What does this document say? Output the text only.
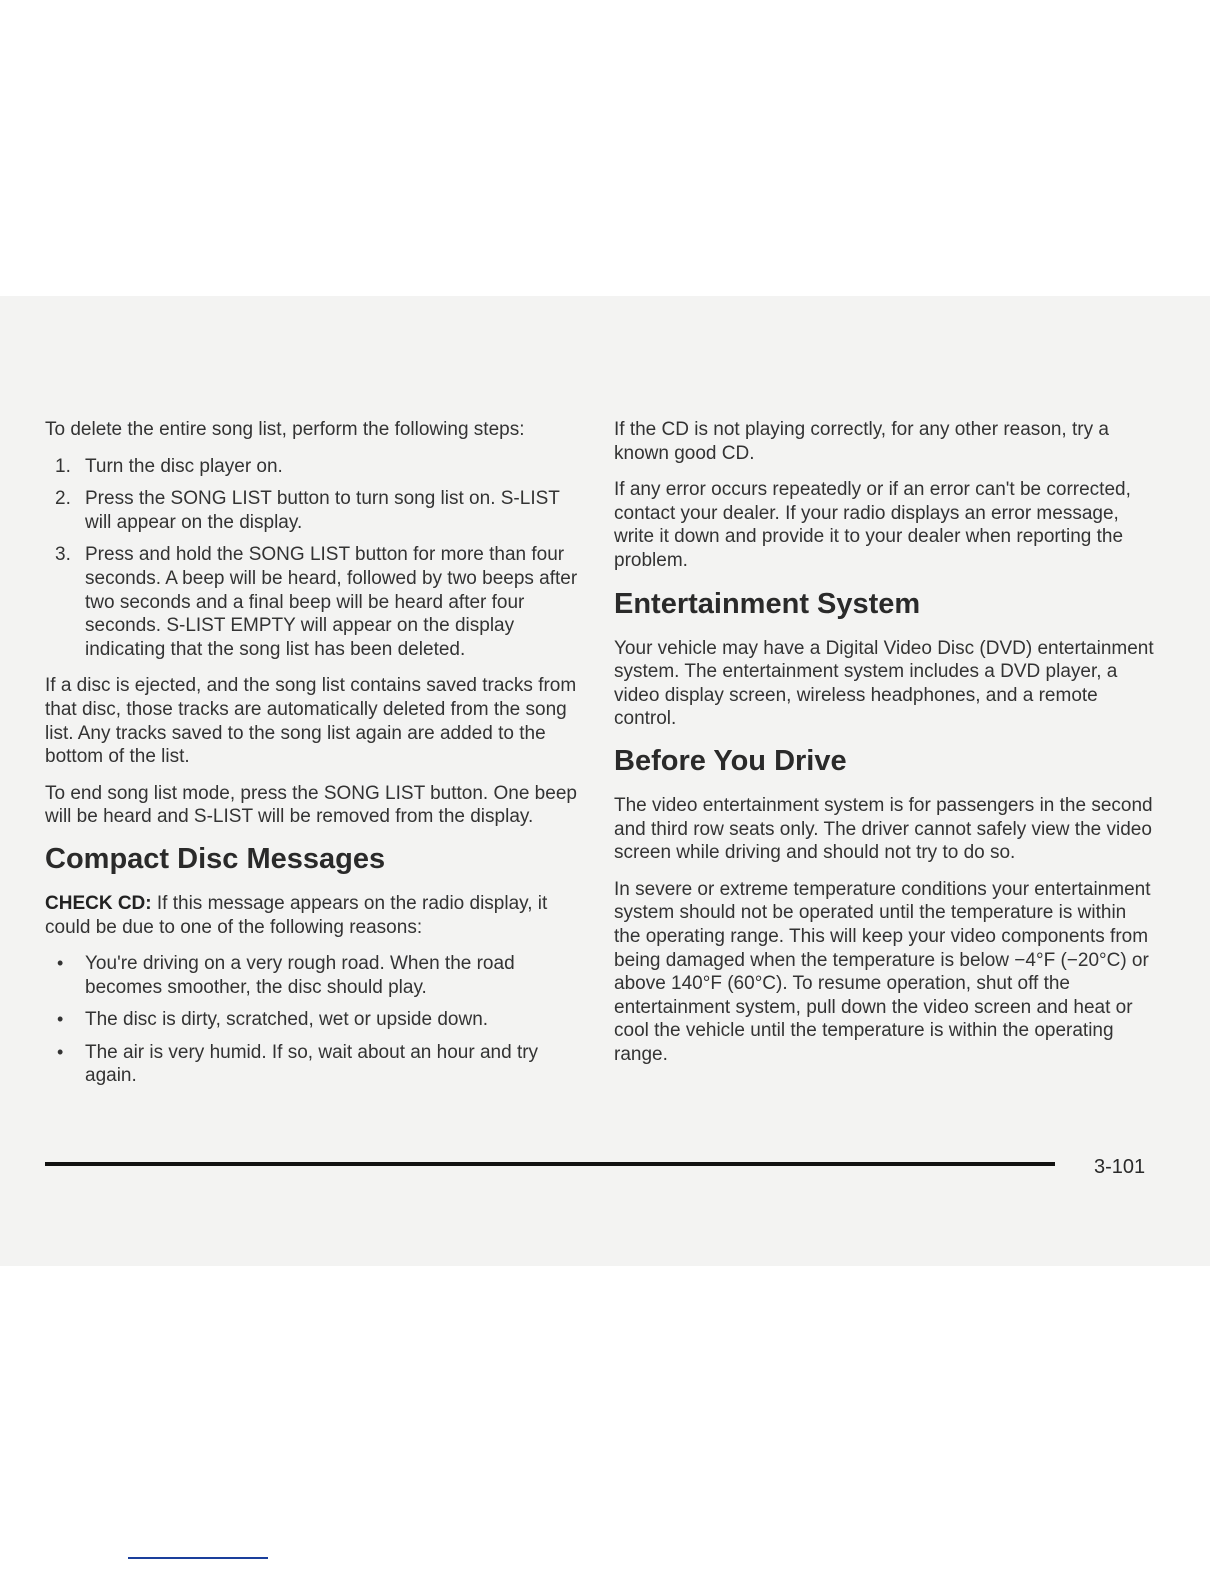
To delete the entire song list, perform the following steps:

1. Turn the disc player on.
2. Press the SONG LIST button to turn song list on. S-LIST will appear on the display.
3. Press and hold the SONG LIST button for more than four seconds. A beep will be heard, followed by two beeps after two seconds and a final beep will be heard after four seconds. S-LIST EMPTY will appear on the display indicating that the song list has been deleted.

If a disc is ejected, and the song list contains saved tracks from that disc, those tracks are automatically deleted from the song list. Any tracks saved to the song list again are added to the bottom of the list.

To end song list mode, press the SONG LIST button. One beep will be heard and S-LIST will be removed from the display.

Compact Disc Messages

CHECK CD: If this message appears on the radio display, it could be due to one of the following reasons:

• You're driving on a very rough road. When the road becomes smoother, the disc should play.
• The disc is dirty, scratched, wet or upside down.
• The air is very humid. If so, wait about an hour and try again.

If the CD is not playing correctly, for any other reason, try a known good CD.

If any error occurs repeatedly or if an error can't be corrected, contact your dealer. If your radio displays an error message, write it down and provide it to your dealer when reporting the problem.

Entertainment System

Your vehicle may have a Digital Video Disc (DVD) entertainment system. The entertainment system includes a DVD player, a video display screen, wireless headphones, and a remote control.

Before You Drive

The video entertainment system is for passengers in the second and third row seats only. The driver cannot safely view the video screen while driving and should not try to do so.

In severe or extreme temperature conditions your entertainment system should not be operated until the temperature is within the operating range. This will keep your video components from being damaged when the temperature is below −4°F (−20°C) or above 140°F (60°C). To resume operation, shut off the entertainment system, pull down the video screen and heat or cool the vehicle until the temperature is within the operating range.

3-101
